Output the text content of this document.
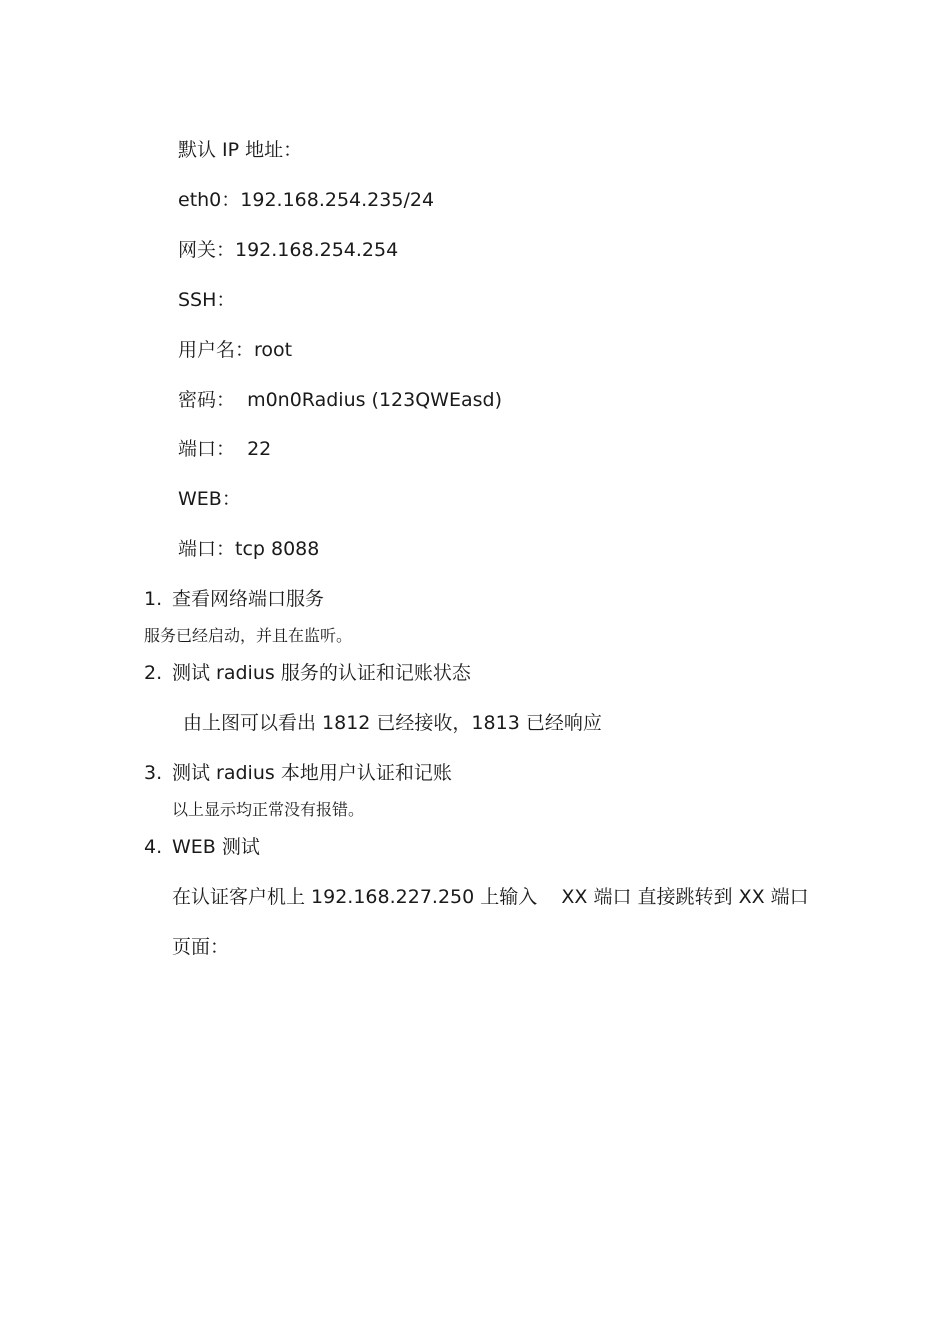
默认 IP 地址：
eth0：192.168.254.235/24
网关：192.168.254.254
SSH：
用户名：root
密码：  m0n0Radius (123QWEasd)
端口：  22
WEB：
端口：tcp 8088
1. 查看网络端口服务
服务已经启动，并且在监听。
2. 测试 radius 服务的认证和记账状态
由上图可以看出 1812 已经接收，1813 已经响应
3. 测试 radius 本地用户认证和记账
以上显示均正常没有报错。
4. WEB 测试
在认证客户机上 192.168.227.250 上输入    XX 端口 直接跳转到 XX 端口
页面：
